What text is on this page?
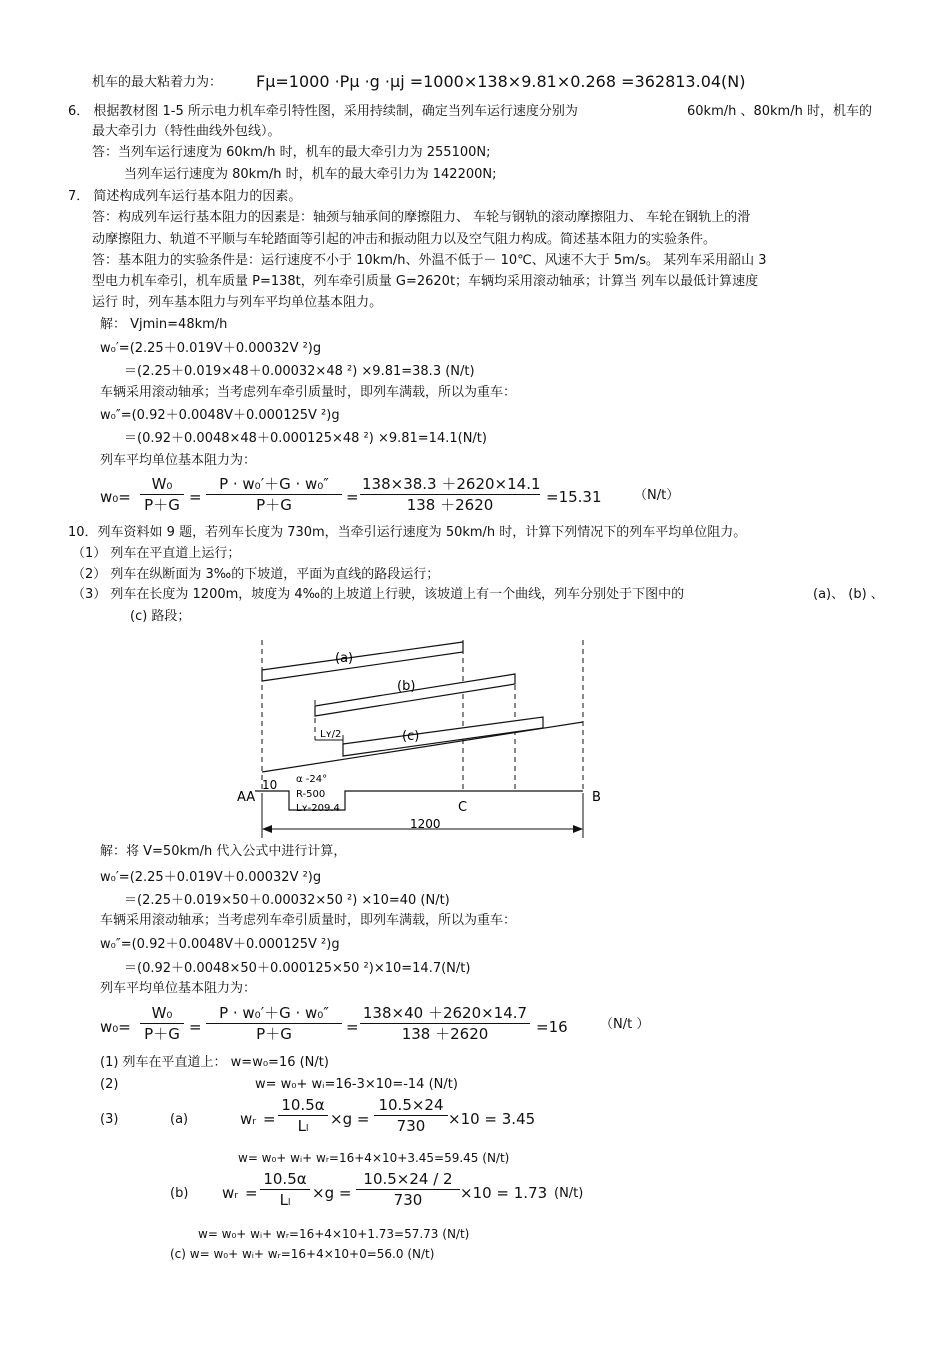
机车的最大粘着力为： Fμ=1000 ·Pμ ·g ·μj =1000×138×9.81×0.268 =362813.04(N)
6． 根据教材图 1-5 所示电力机车牵引特性图，采用持续制，确定当列车运行速度分别为	60km/h 、80km/h 时，机车的
最大牵引力（特性曲线外包线）。
答：当列车运行速度为 60km/h 时，机车的最大牵引力为 255100N;
当列车运行速度为 80km/h 时，机车的最大牵引力为 142200N;
7． 简述构成列车运行基本阻力的因素。
答：构成列车运行基本阻力的因素是：轴颈与轴承间的摩擦阻力、 车轮与钢轨的滚动摩擦阻力、 车轮在钢轨上的滑
动摩擦阻力、轨道不平顺与车轮踏面等引起的冲击和振动阻力以及空气阻力构成。简述基本阻力的实验条件。
答：基本阻力的实验条件是：运行速度不小于 10km/h、外温不低于－ 10℃、风速不大于 5m/s。 某列车采用韶山 3
型电力机车牵引，机车质量 P=138t，列车牵引质量 G=2620t；车辆均采用滚动轴承；计算当 列车以最低计算速度
运行 时，列车基本阻力与列车平均单位基本阻力。
解： Vjmin=48km/h
w₀′=(2.25＋0.019V＋0.00032V ²)g
＝(2.25＋0.019×48＋0.00032×48 ²) ×9.81=38.3 (N/t)
车辆采用滚动轴承；当考虑列车牵引质量时，即列车满载，所以为重车：
w₀″=(0.92＋0.0048V＋0.000125V ²)g
＝(0.92＋0.0048×48＋0.000125×48 ²) ×9.81=14.1(N/t)
列车平均单位基本阻力为：
w₀=
W₀
P＋G =
P · w₀′＋G · w₀″
P＋G	=
138×38.3 ＋2620×14.1
138 ＋2620	=15.31 （N/t）
10．列车资料如 9 题，若列车长度为 730m，当牵引运行速度为 50km/h 时，计算下列情况下的列车平均单位阻力。
（1） 列车在平直道上运行；
（2） 列车在纵断面为 3‰的下坡道，平面为直线的路段运行；
（3） 列车在长度为 1200m，坡度为 4‰的上坡道上行驶，该坡道上有一个曲线，列车分别处于下图中的	(a)、 (b) 、
(c) 路段；
(a)
(b)
(c)
Lʏ/2
10 α -24°
R-500
Lʏ-209.4
AA	B
C
1200
解：将 V=50km/h 代入公式中进行计算，
w₀′=(2.25＋0.019V＋0.00032V ²)g
＝(2.25＋0.019×50＋0.00032×50 ²) ×10=40 (N/t)
车辆采用滚动轴承；当考虑列车牵引质量时，即列车满载，所以为重车：
w₀″=(0.92＋0.0048V＋0.000125V ²)g
＝(0.92＋0.0048×50＋0.000125×50 ²)×10=14.7(N/t)
列车平均单位基本阻力为：
w₀=
W₀
P＋G =
P · w₀′＋G · w₀″
P＋G	=
138×40 ＋2620×14.7
138 ＋2620	=16 （N/t ）
(1) 列车在平直道上： w=w₀=16 (N/t)
(2)	w= w₀+ wᵢ=16-3×10=-14 (N/t)
(3)	(a)	wᵣ =
10.5α
Lₗ	×g =
10.5×24
730	×10 = 3.45
w= w₀+ wᵢ+ wᵣ=16+4×10+3.45=59.45 (N/t)
(b) wᵣ =
10.5α
Lₗ	×g =
10.5×24 / 2
730	×10 = 1.73 (N/t)
w= w₀+ wᵢ+ wᵣ=16+4×10+1.73=57.73 (N/t)
(c) w= w₀+ wᵢ+ wᵣ=16+4×10+0=56.0 (N/t)
